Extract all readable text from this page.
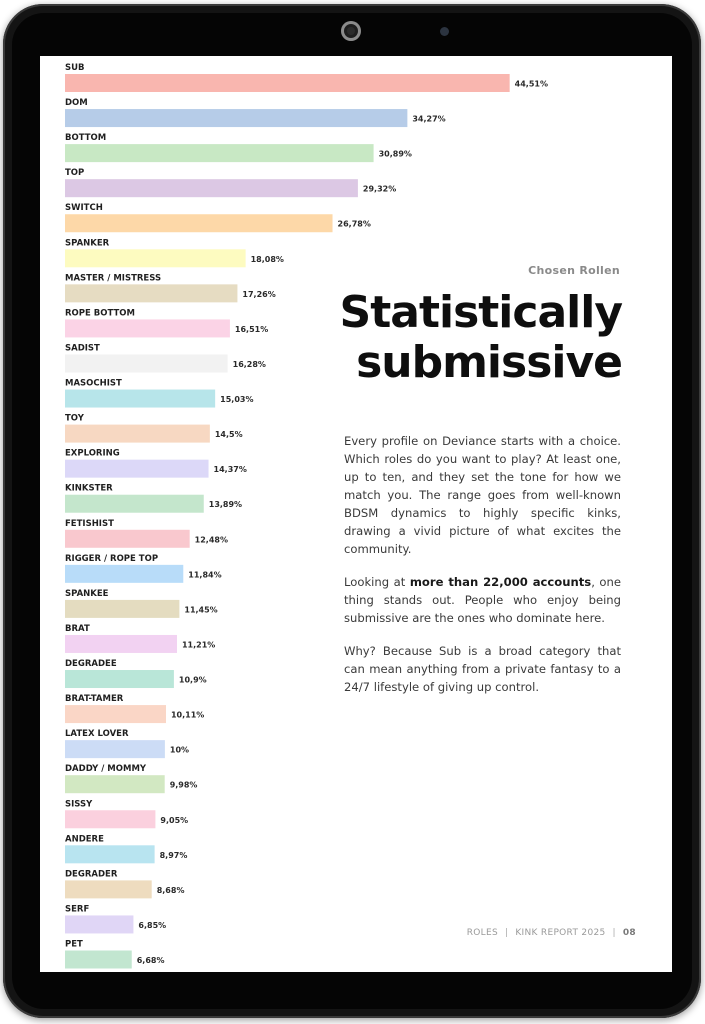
SUB
44,51%
DOM
34,27%
BOTTOM
30,89%
TOP
29,32%
SWITCH
26,78%
SPANKER
18,08%
MASTER / MISTRESS
17,26%
ROPE BOTTOM
16,51%
SADIST
16,28%
MASOCHIST
15,03%
TOY
14,5%
EXPLORING
14,37%
KINKSTER
13,89%
FETISHIST
12,48%
RIGGER / ROPE TOP
11,84%
SPANKEE
11,45%
BRAT
11,21%
DEGRADEE
10,9%
BRAT-TAMER
10,11%
LATEX LOVER
10%
DADDY / MOMMY
9,98%
SISSY
9,05%
ANDERE
8,97%
DEGRADER
8,68%
SERF
6,85%
PET
6,68%
Chosen Rollen
Statistically
submissive

Every profile on Deviance starts with a choice. Which roles do you want to play? At least one, up to ten, and they set the tone for how we match you. The range goes from well-known BDSM dynamics to highly specific kinks, drawing a vivid picture of what excites the community.

Looking at more than 22,000 accounts, one thing stands out. People who enjoy being submissive are the ones who dominate here.

Why? Because Sub is a broad category that can mean anything from a private fantasy to a 24/7 lifestyle of giving up control.

ROLES | KINK REPORT 2025 | 08
